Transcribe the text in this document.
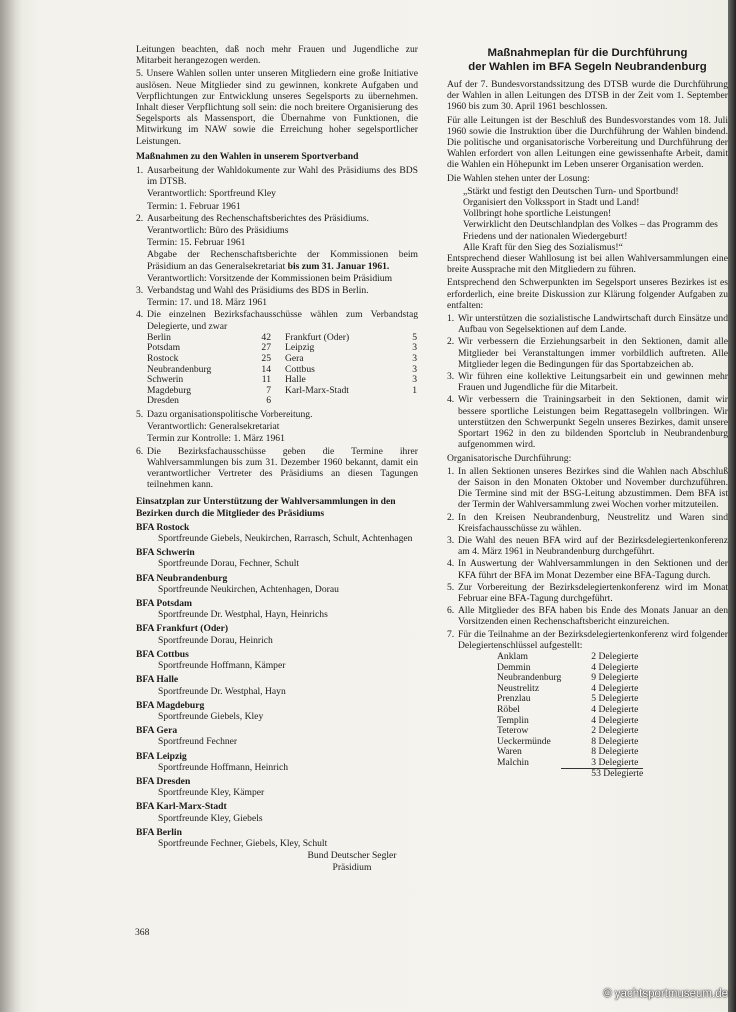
Leitungen beachten, daß noch mehr Frauen und Jugendliche zur Mitarbeit herangezogen werden.

5. Unsere Wahlen sollen unter unseren Mitgliedern eine große Initiative auslösen. Neue Mitglieder sind zu gewinnen, konkrete Aufgaben und Verpflichtungen zur Entwicklung unseres Segelsports zu übernehmen. Inhalt dieser Verpflichtung soll sein: die noch breitere Organisierung des Segelsports als Massensport, die Übernahme von Funktionen, die Mitwirkung im NAW sowie die Erreichung hoher segelsportlicher Leistungen.

Maßnahmen zu den Wahlen in unserem Sportverband
1. Ausarbeitung der Wahldokumente zur Wahl des Präsidiums des BDS im DTSB.
Verantwortlich: Sportfreund Kley
Termin: 1. Februar 1961
2. Ausarbeitung des Rechenschaftsberichtes des Präsidiums.
Verantwortlich: Büro des Präsidiums
Termin: 15. Februar 1961
Abgabe der Rechenschaftsberichte der Kommissionen beim Präsidium an das Generalsekretariat bis zum 31. Januar 1961.
Verantwortlich: Vorsitzende der Kommissionen beim Präsidium
3. Verbandstag und Wahl des Präsidiums des BDS in Berlin.
Termin: 17. und 18. März 1961
4. Die einzelnen Bezirksfachausschüsse wählen zum Verbandstag Delegierte, und zwar
Berlin	42	Frankfurt (Oder)	5
Potsdam	27	Leipzig	3
Rostock	25	Gera	3
Neubrandenburg	14	Cottbus	3
Schwerin	11	Halle	3
Magdeburg	7	Karl-Marx-Stadt	1
Dresden	6		
5. Dazu organisationspolitische Vorbereitung.
Verantwortlich: Generalsekretariat
Termin zur Kontrolle: 1. März 1961
6. Die Bezirksfachausschüsse geben die Termine ihrer Wahlversammlungen bis zum 31. Dezember 1960 bekannt, damit ein verantwortlicher Vertreter des Präsidiums an diesen Tagungen teilnehmen kann.
Einsatzplan zur Unterstützung der Wahlversammlungen in den Bezirken durch die Mitglieder des Präsidiums
BFA Rostock
Sportfreunde Giebels, Neukirchen, Rarrasch, Schult, Achtenhagen
BFA Schwerin
Sportfreunde Dorau, Fechner, Schult
BFA Neubrandenburg
Sportfreunde Neukirchen, Achtenhagen, Dorau
BFA Potsdam
Sportfreunde Dr. Westphal, Hayn, Heinrichs
BFA Frankfurt (Oder)
Sportfreunde Dorau, Heinrich
BFA Cottbus
Sportfreunde Hoffmann, Kämper
BFA Halle
Sportfreunde Dr. Westphal, Hayn
BFA Magdeburg
Sportfreunde Giebels, Kley
BFA Gera
Sportfreund Fechner
BFA Leipzig
Sportfreunde Hoffmann, Heinrich
BFA Dresden
Sportfreunde Kley, Kämper
BFA Karl-Marx-Stadt
Sportfreunde Kley, Giebels
BFA Berlin
Sportfreunde Fechner, Giebels, Kley, Schult
Bund Deutscher Segler
Präsidium
368
Maßnahmeplan für die Durchführung
der Wahlen im BFA Segeln Neubrandenburg

Auf der 7. Bundesvorstandssitzung des DTSB wurde die Durchführung der Wahlen in allen Leitungen des DTSB in der Zeit vom 1. September 1960 bis zum 30. April 1961 beschlossen.

Für alle Leitungen ist der Beschluß des Bundesvorstandes vom 18. Juli 1960 sowie die Instruktion über die Durchführung der Wahlen bindend. Die politische und organisatorische Vorbereitung und Durchführung der Wahlen erfordert von allen Leitungen eine gewissenhafte Arbeit, damit die Wahlen ein Höhepunkt im Leben unserer Organisation werden.

Die Wahlen stehen unter der Losung:

„Stärkt und festigt den Deutschen Turn- und Sportbund!
Organisiert den Volkssport in Stadt und Land!
Vollbringt hohe sportliche Leistungen!
Verwirklicht den Deutschlandplan des Volkes – das Programm des Friedens und der nationalen Wiedergeburt!
Alle Kraft für den Sieg des Sozialismus!“

Entsprechend dieser Wahllosung ist bei allen Wahlversammlungen eine breite Aussprache mit den Mitgliedern zu führen.

Entsprechend den Schwerpunkten im Segelsport unseres Bezirkes ist es erforderlich, eine breite Diskussion zur Klärung folgender Aufgaben zu entfalten:

1. Wir unterstützen die sozialistische Landwirtschaft durch Einsätze und Aufbau von Segelsektionen auf dem Lande.
2. Wir verbessern die Erziehungsarbeit in den Sektionen, damit alle Mitglieder bei Veranstaltungen immer vorbildlich auftreten. Alle Mitglieder legen die Bedingungen für das Sportabzeichen ab.
3. Wir führen eine kollektive Leitungsarbeit ein und gewinnen mehr Frauen und Jugendliche für die Mitarbeit.
4. Wir verbessern die Trainingsarbeit in den Sektionen, damit wir bessere sportliche Leistungen beim Regattasegeln vollbringen. Wir unterstützen den Schwerpunkt Segeln unseres Bezirkes, damit unsere Sportart 1962 in den zu bildenden Sportclub in Neubrandenburg aufgenommen wird.

Organisatorische Durchführung:

1. In allen Sektionen unseres Bezirkes sind die Wahlen nach Abschluß der Saison in den Monaten Oktober und November durchzuführen. Die Termine sind mit der BSG-Leitung abzustimmen. Dem BFA ist der Termin der Wahlversammlung zwei Wochen vorher mitzuteilen.
2. In den Kreisen Neubrandenburg, Neustrelitz und Waren sind Kreisfachausschüsse zu wählen.
3. Die Wahl des neuen BFA wird auf der Bezirksdelegiertenkonferenz am 4. März 1961 in Neubrandenburg durchgeführt.
4. In Auswertung der Wahlversammlungen in den Sektionen und der KFA führt der BFA im Monat Dezember eine BFA-Tagung durch.
5. Zur Vorbereitung der Bezirksdelegiertenkonferenz wird im Monat Februar eine BFA-Tagung durchgeführt.
6. Alle Mitglieder des BFA haben bis Ende des Monats Januar an den Vorsitzenden einen Rechenschaftsbericht einzureichen.
7. Für die Teilnahme an der Bezirksdelegiertenkonferenz wird folgender Delegiertenschlüssel aufgestellt:
Anklam	2 Delegierte
Demmin	4 Delegierte
Neubrandenburg	9 Delegierte
Neustrelitz	4 Delegierte
Prenzlau	5 Delegierte
Röbel	4 Delegierte
Templin	4 Delegierte
Teterow	2 Delegierte
Ueckermünde	8 Delegierte
Waren	8 Delegierte
Malchin	3 Delegierte
	53 Delegierte
© yachtsportmuseum.de
